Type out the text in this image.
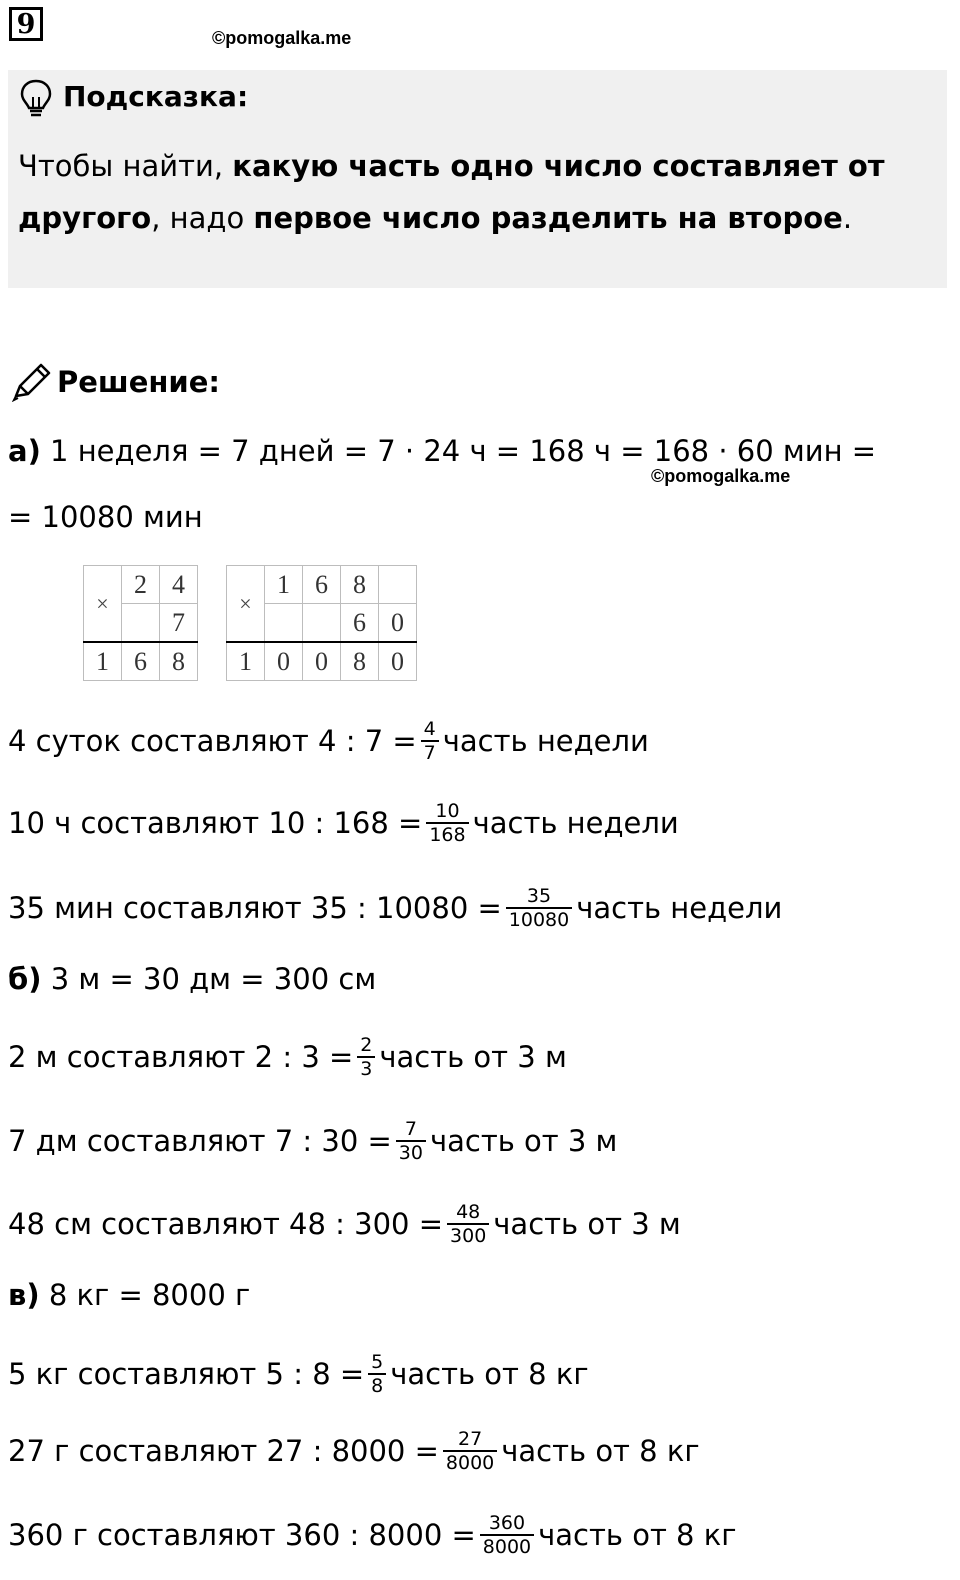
9	©pomogalka.me
Подсказка:
Чтобы найти, какую часть одно число составляет от
другого, надо первое число разделить на второе.
Решение:
а)
1 неделя = 7 дней = 7 · 24 ч = 168 ч = 168 · 60 мин =
©pomogalka.me
= 10080 мин
×	2	4
		7
1	6	8
×	1	6	8	
			6	0
1	0	0	8	0
4 суток составляют 4 : $7 = \frac{4}{7}$ часть недели
10 ч составляют 10 : $168 = \frac{10}{168}$ часть недели
35 мин составляют 35 : $10080 = \frac{35}{10080}$ часть недели
б)
3 м = 30 дм = 300 см
2 м составляют 2 : $3 = \frac{2}{3}$ часть от 3 м
7 дм составляют 7 : $30 = \frac{7}{30}$ часть от 3 м
48 см составляют 48 : $300 = \frac{48}{300}$ часть от 3 м
в)
8 кг = 8000 г
5 кг составляют 5 : $8 = \frac{5}{8}$ часть от 8 кг
27 г составляют 27 : $8000 = \frac{27}{8000}$ часть от 8 кг
360 г составляют 360 : $8000 = \frac{360}{8000}$ часть от 8 кг
